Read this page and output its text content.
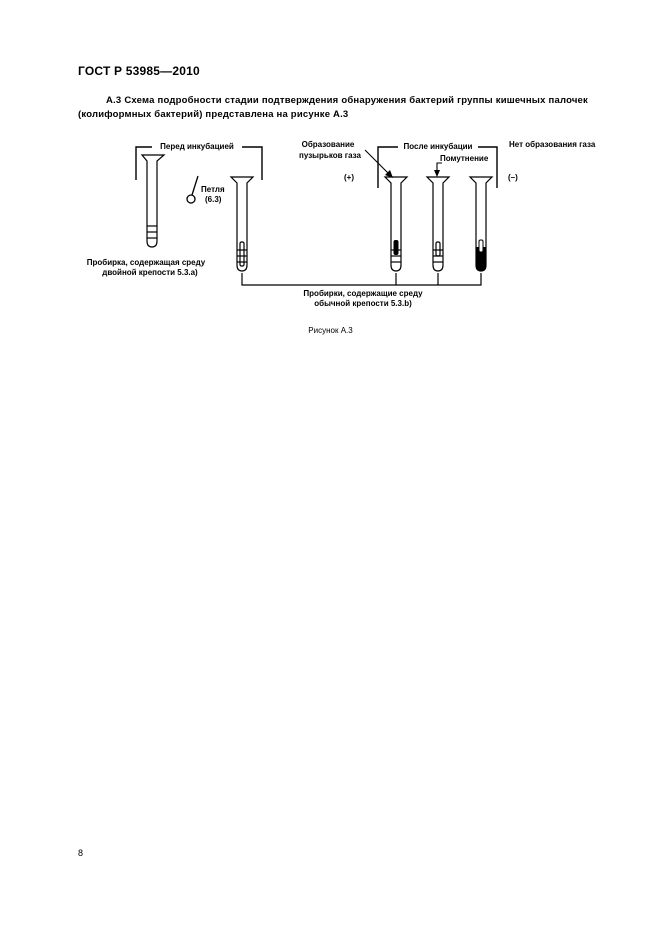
ГОСТ Р 53985—2010
А.3 Схема подробности стадии подтверждения обнаружения бактерий группы кишечных палочек (колиформных бактерий) представлена на рисунке А.3
Перед инкубацией
Петля
(6.3)
Пробирка, содержащая среду
двойной крепости 5.3.a)
Образование
пузырьков газа
(+)
После инкубации
Помутнение
Нет образования газа
(–)
Пробирки, содержащие среду
обычной крепости 5.3.b)
Рисунок А.3
8
